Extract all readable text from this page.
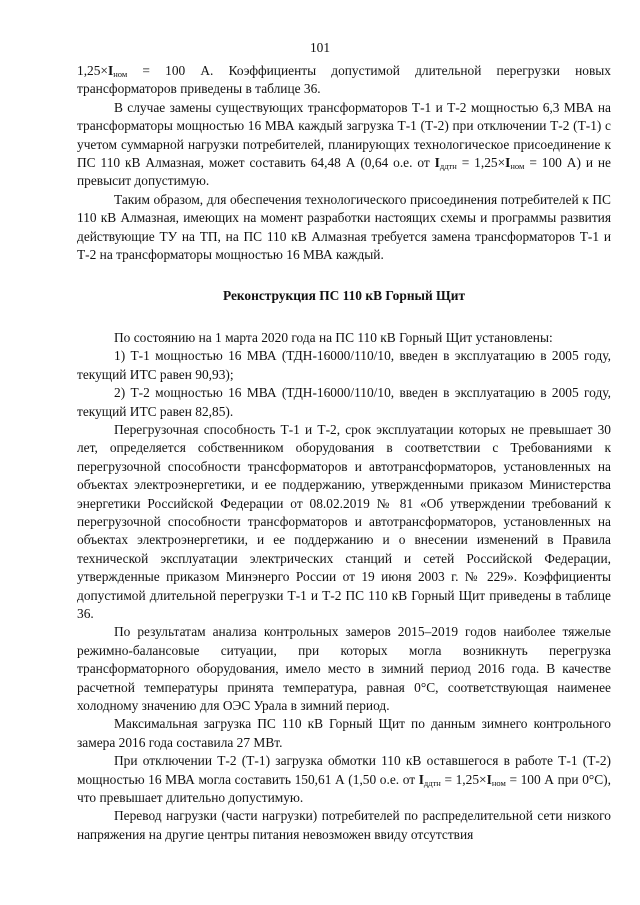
101

$1,25\times I_{ном} = 100$ А. Коэффициенты допустимой длительной перегрузки новых трансформаторов приведены в таблице 36.

В случае замены существующих трансформаторов Т-1 и Т-2 мощностью 6,3 МВА на трансформаторы мощностью 16 МВА каждый загрузка Т-1 (Т-2) при отключении Т-2 (Т-1) с учетом суммарной нагрузки потребителей, планирующих технологическое присоединение к ПС 110 кВ Алмазная, может составить 64,48 А (0,64 о.е. от $I_{ддтн} = 1,25\times I_{ном} = 100$ А) и не превысит допустимую.

Таким образом, для обеспечения технологического присоединения потребителей к ПС 110 кВ Алмазная, имеющих на момент разработки настоящих схемы и программы развития действующие ТУ на ТП, на ПС 110 кВ Алмазная требуется замена трансформаторов Т-1 и Т-2 на трансформаторы мощностью 16 МВА каждый.

Реконструкция ПС 110 кВ Горный Щит

По состоянию на 1 марта 2020 года на ПС 110 кВ Горный Щит установлены:

1) Т-1 мощностью 16 МВА (ТДН-16000/110/10, введен в эксплуатацию в 2005 году, текущий ИТС равен 90,93);

2) Т-2 мощностью 16 МВА (ТДН-16000/110/10, введен в эксплуатацию в 2005 году, текущий ИТС равен 82,85).

Перегрузочная способность Т-1 и Т-2, срок эксплуатации которых не превышает 30 лет, определяется собственником оборудования в соответствии с Требованиями к перегрузочной способности трансформаторов и автотрансформаторов, установленных на объектах электроэнергетики, и ее поддержанию, утвержденными приказом Министерства энергетики Российской Федерации от 08.02.2019 № 81 «Об утверждении требований к перегрузочной способности трансформаторов и автотрансформаторов, установленных на объектах электроэнергетики, и ее поддержанию и о внесении изменений в Правила технической эксплуатации электрических станций и сетей Российской Федерации, утвержденные приказом Минэнерго России от 19 июня 2003 г. № 229». Коэффициенты допустимой длительной перегрузки Т-1 и Т-2 ПС 110 кВ Горный Щит приведены в таблице 36.

По результатам анализа контрольных замеров 2015–2019 годов наиболее тяжелые режимно-балансовые ситуации, при которых могла возникнуть перегрузка трансформаторного оборудования, имело место в зимний период 2016 года. В качестве расчетной температуры принята температура, равная 0°С, соответствующая наименее холодному значению для ОЭС Урала в зимний период.

Максимальная загрузка ПС 110 кВ Горный Щит по данным зимнего контрольного замера 2016 года составила 27 МВт.

При отключении Т-2 (Т-1) загрузка обмотки 110 кВ оставшегося в работе Т-1 (Т-2) мощностью 16 МВА могла составить 150,61 А (1,50 о.е. от $I_{ддтн} = 1,25\times I_{ном} = 100$ А при 0°С), что превышает длительно допустимую.

Перевод нагрузки (части нагрузки) потребителей по распределительной сети низкого напряжения на другие центры питания невозможен ввиду отсутствия
